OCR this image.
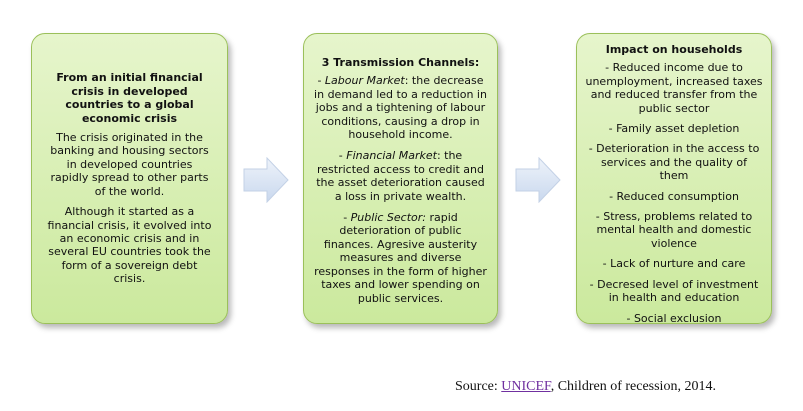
From an initial financial crisis in developed countries to a global economic crisis
The crisis originated in the banking and housing sectors in developed countries rapidly spread to other parts of the world.
Although it started as a financial crisis, it evolved into an economic crisis and in several EU countries took the form of a sovereign debt crisis.
3 Transmission Channels:
- Labour Market: the decrease in demand led to a reduction in jobs and a tightening of labour conditions, causing a drop in household income.
- Financial Market: the restricted access to credit and the asset deterioration caused a loss in private wealth.
- Public Sector: rapid deterioration of public finances. Agresive austerity measures and diverse responses in the form of higher taxes and lower spending on public services.
Impact on households
- Reduced income due to unemployment, increased taxes and reduced transfer from the public sector
- Family asset depletion
- Deterioration in the access to services and the quality of them
- Reduced consumption
- Stress, problems related to mental health and domestic violence
- Lack of nurture and care
- Decresed level of investment in health and education
- Social exclusion
Source: UNICEF, Children of recession, 2014.
